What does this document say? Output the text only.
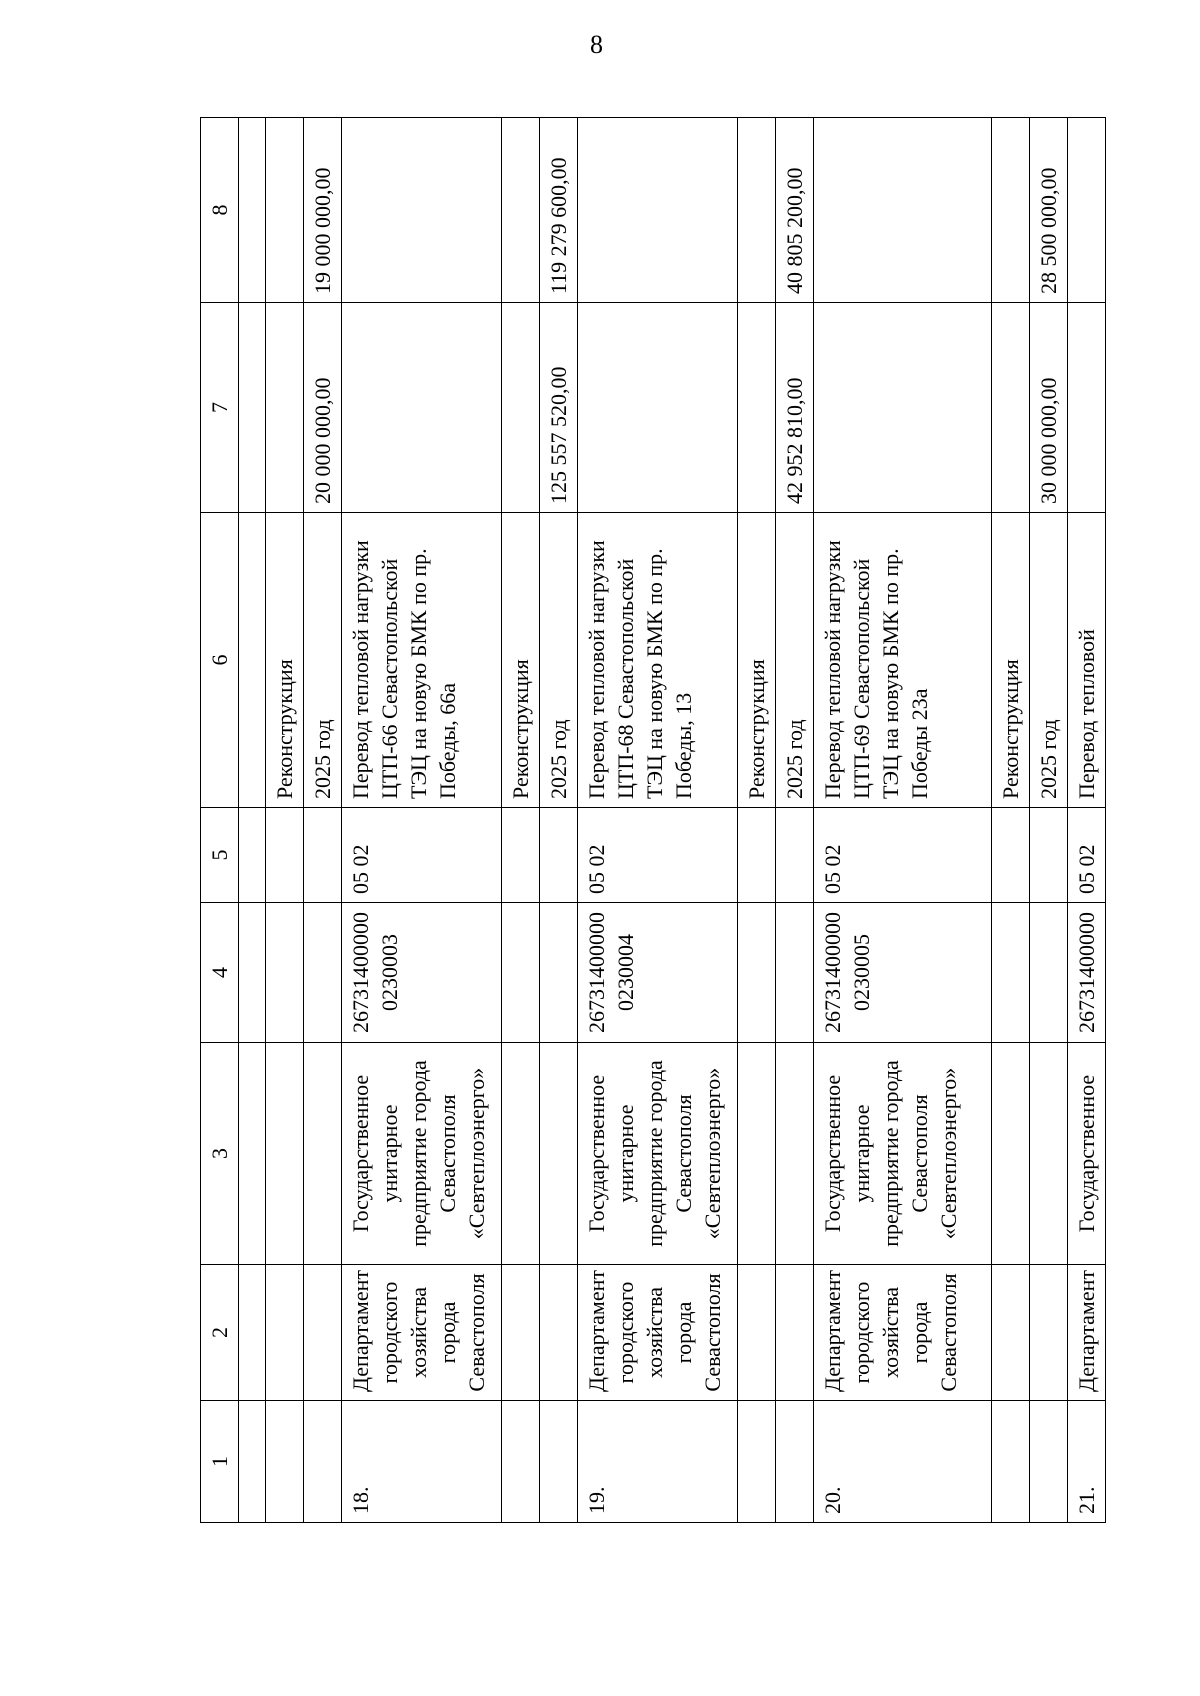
8
1	2	3	4	5	6	7	8

					Реконструкция		
					2025 год	20 000 000,00	19 000 000,00
18.	Департамент городского хозяйства города Севастополя	Государственное унитарное предприятие города Севастополя «Севтеплоэнерго»	26731400000 0230003	05 02	Перевод тепловой нагрузки ЦТП-66 Севастопольской ТЭЦ на новую БМК по пр. Победы, 66а		
					Реконструкция		
					2025 год	125 557 520,00	119 279 600,00
19.	Департамент городского хозяйства города Севастополя	Государственное унитарное предприятие города Севастополя «Севтеплоэнерго»	26731400000 0230004	05 02	Перевод тепловой нагрузки ЦТП-68 Севастопольской ТЭЦ на новую БМК по пр. Победы, 13		
					Реконструкция		
					2025 год	42 952 810,00	40 805 200,00
20.	Департамент городского хозяйства города Севастополя	Государственное унитарное предприятие города Севастополя «Севтеплоэнерго»	26731400000 0230005	05 02	Перевод тепловой нагрузки ЦТП-69 Севастопольской ТЭЦ на новую БМК по пр. Победы 23а		
					Реконструкция		
					2025 год	30 000 000,00	28 500 000,00
21.	Департамент	Государственное	26731400000	05 02	Перевод тепловой		
